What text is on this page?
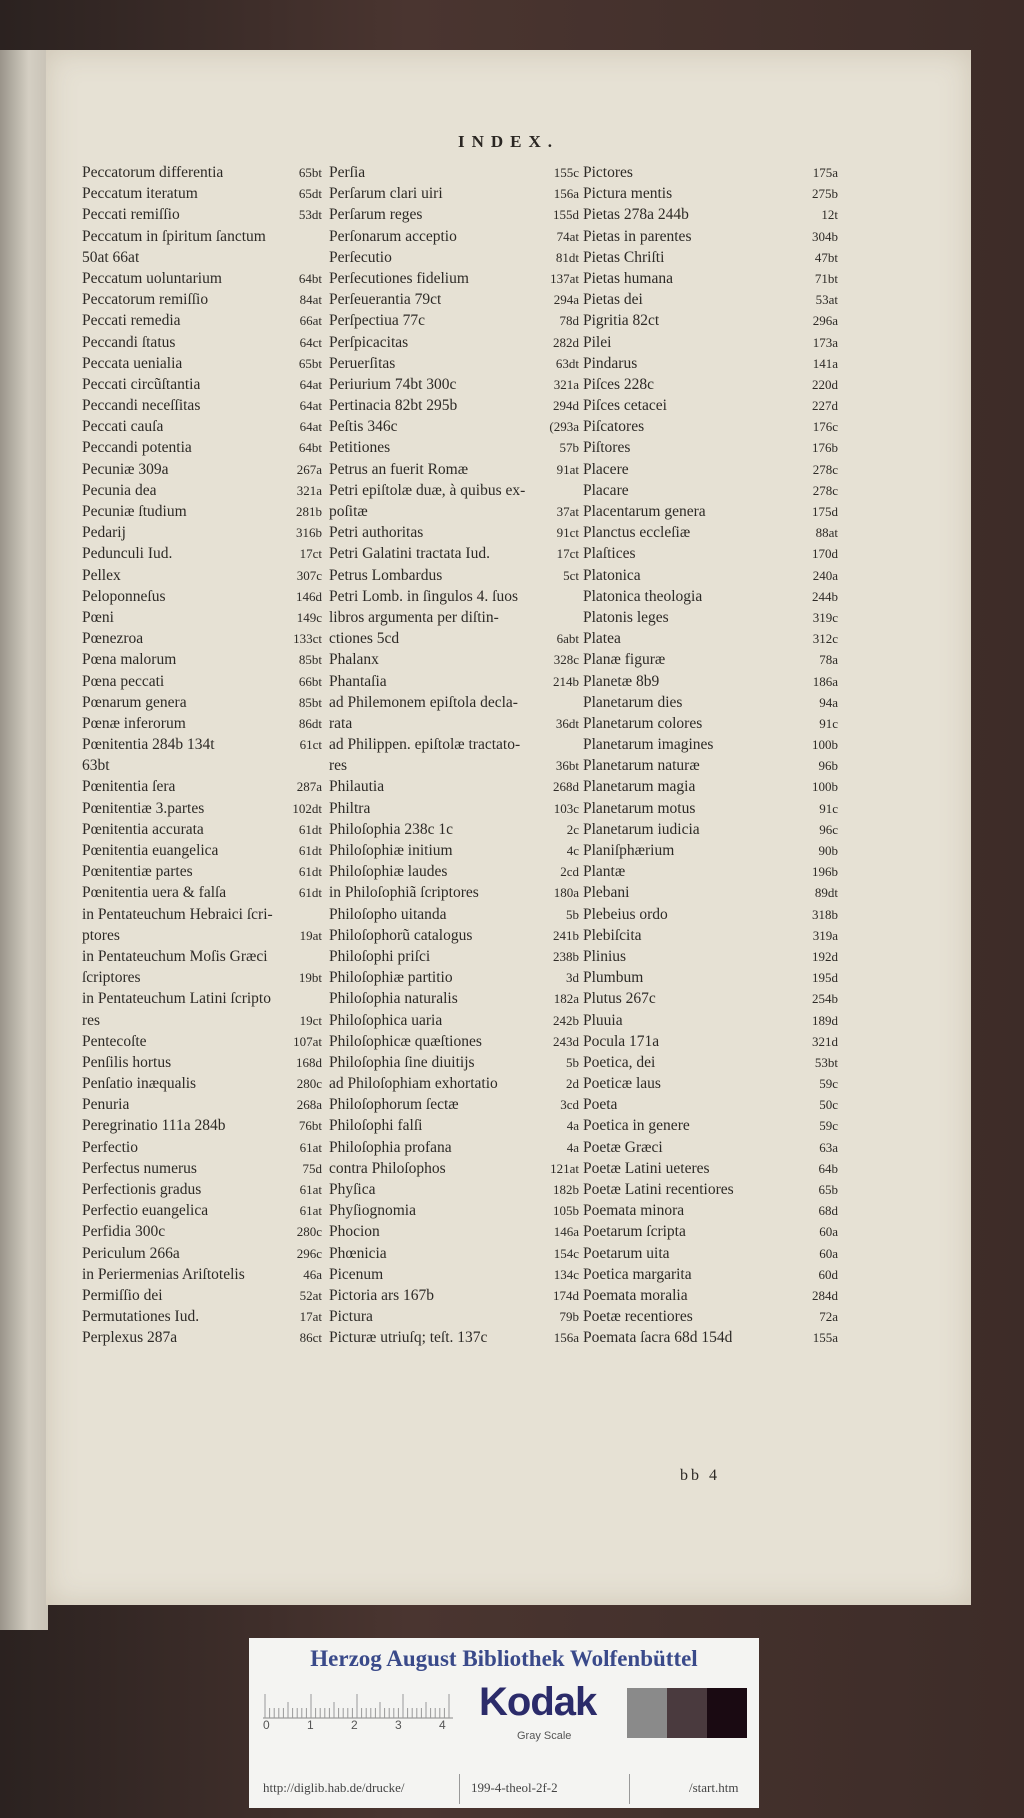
INDEX.
Peccatorum differentia	65bt
Peccatum iteratum	65dt
Peccati remiſſio	53dt
Peccatum in ſpiritum ſanctum
50at 66at
Peccatum uoluntarium	64bt
Peccatorum remiſſio	84at
Peccati remedia	66at
Peccandi ſtatus	64ct
Peccata uenialia	65bt
Peccati circũſtantia	64at
Peccandi neceſſitas	64at
Peccati cauſa	64at
Peccandi potentia	64bt
Pecuniæ 309a	267a
Pecunia dea	321a
Pecuniæ ſtudium	281b
Pedarij	316b
Pedunculi Iud.	17ct
Pellex	307c
Peloponneſus	146d
Pœni	149c
Pœnezroa	133ct
Pœna malorum	85bt
Pœna peccati	66bt
Pœnarum genera	85bt
Pœnæ inferorum	86dt
Pœnitentia 284b 134t	61ct
63bt
Pœnitentia ſera	287a
Pœnitentiæ 3.partes	102dt
Pœnitentia accurata	61dt
Pœnitentia euangelica	61dt
Pœnitentiæ partes	61dt
Pœnitentia uera & falſa	61dt
in Pentateuchum Hebraici ſcri-
ptores	19at
in Pentateuchum Moſis Græci
ſcriptores	19bt
in Pentateuchum Latini ſcripto
res	19ct
Pentecoſte	107at
Penſilis hortus	168d
Penſatio inæqualis	280c
Penuria	268a
Peregrinatio 111a 284b	76bt
Perfectio	61at
Perfectus numerus	75d
Perfectionis gradus	61at
Perfectio euangelica	61at
Perfidia 300c	280c
Periculum 266a	296c
in Periermenias Ariſtotelis	46a
Permiſſio dei	52at
Permutationes Iud.	17at
Perplexus 287a	86ct
Perſia	155c
Perſarum clari uiri	156a
Perſarum reges	155d
Perſonarum acceptio	74at
Perſecutio	81dt
Perſecutiones fidelium	137at
Perſeuerantia 79ct	294a
Perſpectiua 77c	78d
Perſpicacitas	282d
Peruerſitas	63dt
Periurium 74bt 300c	321a
Pertinacia 82bt 295b	294d
Peſtis 346c	(293a
Petitiones	57b
Petrus an fuerit Romæ	91at
Petri epiſtolæ duæ, à quibus ex-
poſitæ	37at
Petri authoritas	91ct
Petri Galatini tractata Iud.	17ct
Petrus Lombardus	5ct
Petri Lomb. in ſingulos 4. ſuos
libros argumenta per diſtin-
ctiones 5cd	6abt
Phalanx	328c
Phantaſia	214b
ad Philemonem epiſtola decla-
rata	36dt
ad Philippen. epiſtolæ tractato-
res	36bt
Philautia	268d
Philtra	103c
Philoſophia 238c 1c	2c
Philoſophiæ initium	4c
Philoſophiæ laudes	2cd
in Philoſophiã ſcriptores	180a
Philoſopho uitanda	5b
Philoſophorũ catalogus	241b
Philoſophi priſci	238b
Philoſophiæ partitio	3d
Philoſophia naturalis	182a
Philoſophica uaria	242b
Philoſophicæ quæſtiones	243d
Philoſophia ſine diuitijs	5b
ad Philoſophiam exhortatio	2d
Philoſophorum ſectæ	3cd
Philoſophi falſi	4a
Philoſophia profana	4a
contra Philoſophos	121at
Phyſica	182b
Phyſiognomia	105b
Phocion	146a
Phœnicia	154c
Picenum	134c
Pictoria ars 167b	174d
Pictura	79b
Picturæ utriuſq; teſt. 137c	156a
Pictores	175a
Pictura mentis	275b
Pietas 278a 244b	12t
Pietas in parentes	304b
Pietas Chriſti	47bt
Pietas humana	71bt
Pietas dei	53at
Pigritia 82ct	296a
Pilei	173a
Pindarus	141a
Piſces 228c	220d
Piſces cetacei	227d
Piſcatores	176c
Piſtores	176b
Placere	278c
Placare	278c
Placentarum genera	175d
Planctus eccleſiæ	88at
Plaſtices	170d
Platonica	240a
Platonica theologia	244b
Platonis leges	319c
Platea	312c
Planæ figuræ	78a
Planetæ 8b9	186a
Planetarum dies	94a
Planetarum colores	91c
Planetarum imagines	100b
Planetarum naturæ	96b
Planetarum magia	100b
Planetarum motus	91c
Planetarum iudicia	96c
Planiſphærium	90b
Plantæ	196b
Plebani	89dt
Plebeius ordo	318b
Plebiſcita	319a
Plinius	192d
Plumbum	195d
Plutus 267c	254b
Pluuia	189d
Pocula 171a	321d
Poetica, dei	53bt
Poeticæ laus	59c
Poeta	50c
Poetica in genere	59c
Poetæ Græci	63a
Poetæ Latini ueteres	64b
Poetæ Latini recentiores	65b
Poemata minora	68d
Poetarum ſcripta	60a
Poetarum uita	60a
Poetica margarita	60d
Poemata moralia	284d
Poetæ recentiores	72a
Poemata ſacra 68d 154d	155a
bb 4
Herzog August Bibliothek Wolfenbüttel
0	1	2	3	4
Kodak
Gray Scale
http://diglib.hab.de/drucke/	199-4-theol-2f-2	/start.htm
